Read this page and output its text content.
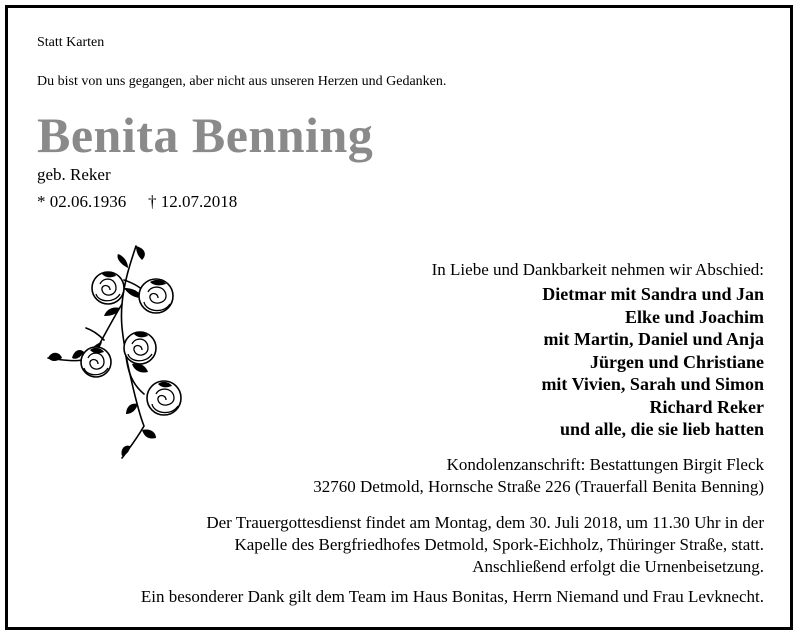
Statt Karten
Du bist von uns gegangen, aber nicht aus unseren Herzen und Gedanken.
Benita Benning
geb. Reker
* 02.06.1936 † 12.07.2018
In Liebe und Dankbarkeit nehmen wir Abschied:
Dietmar mit Sandra und Jan
Elke und Joachim
mit Martin, Daniel und Anja
Jürgen und Christiane
mit Vivien, Sarah und Simon
Richard Reker
und alle, die sie lieb hatten
Kondolenzanschrift: Bestattungen Birgit Fleck
32760 Detmold, Hornsche Straße 226 (Trauerfall Benita Benning)
Der Trauergottesdienst findet am Montag, dem 30. Juli 2018, um 11.30 Uhr in der
Kapelle des Bergfriedhofes Detmold, Spork-Eichholz, Thüringer Straße, statt.
Anschließend erfolgt die Urnenbeisetzung.
Ein besonderer Dank gilt dem Team im Haus Bonitas, Herrn Niemand und Frau Levknecht.
